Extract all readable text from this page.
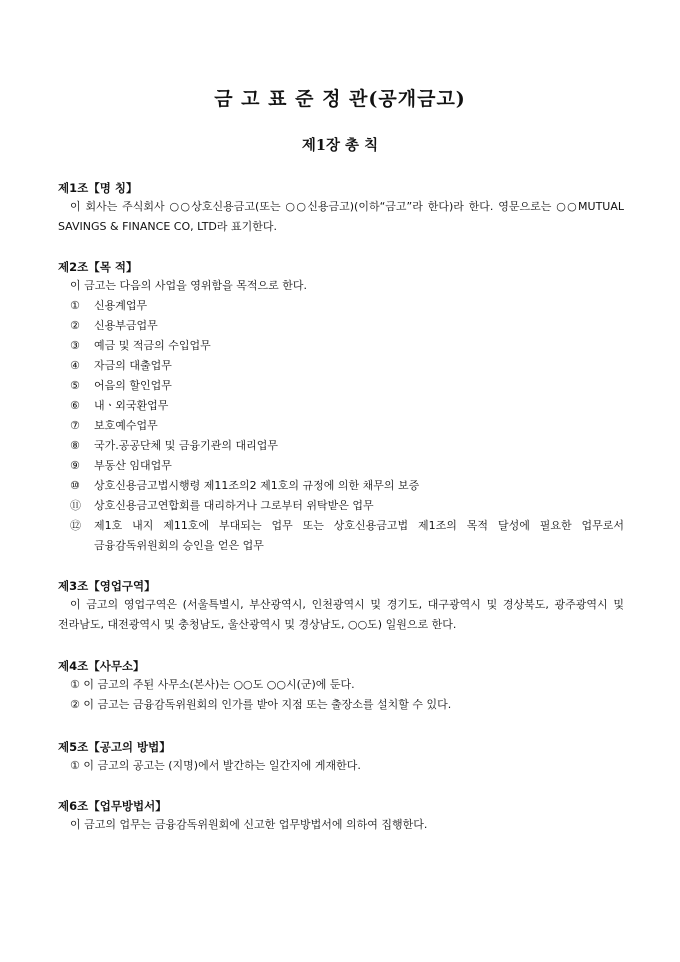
금 고 표 준 정 관(공개금고)
제1장 총 칙
제1조【명 칭】
이 회사는 주식회사 ○○상호신용금고(또는 ○○신용금고)(이하“금고”라 한다)라 한다. 영문으로는 ○○MUTUAL SAVINGS & FINANCE CO, LTD라 표기한다.
제2조【목 적】
이 금고는 다음의 사업을 영위함을 목적으로 한다.
① 신용계업무
② 신용부금업무
③ 예금 및 적금의 수입업무
④ 자금의 대출업무
⑤ 어음의 할인업무
⑥ 내ㆍ외국환업무
⑦ 보호예수업무
⑧ 국가.공공단체 및 금융기관의 대리업무
⑨ 부동산 임대업무
⑩ 상호신용금고법시행령 제11조의2 제1호의 규정에 의한 채무의 보증
⑪ 상호신용금고연합회를 대리하거나 그로부터 위탁받은 업무
⑫ 제1호 내지 제11호에 부대되는 업무 또는 상호신용금고법 제1조의 목적 달성에 필요한 업무로서 금융감독위원회의 승인을 얻은 업무
제3조【영업구역】
이 금고의 영업구역은 (서울특별시, 부산광역시, 인천광역시 및 경기도, 대구광역시 및 경상북도, 광주광역시 및 전라남도, 대전광역시 및 충청남도, 울산광역시 및 경상남도, ○○도) 일원으로 한다.
제4조【사무소】
① 이 금고의 주된 사무소(본사)는 ○○도 ○○시(군)에 둔다.
② 이 금고는 금융감독위원회의 인가를 받아 지점 또는 출장소를 설치할 수 있다.
제5조【공고의 방법】
① 이 금고의 공고는 (지명)에서 발간하는 일간지에 게재한다.
제6조【업무방법서】
이 금고의 업무는 금융감독위원회에 신고한 업무방법서에 의하여 집행한다.
